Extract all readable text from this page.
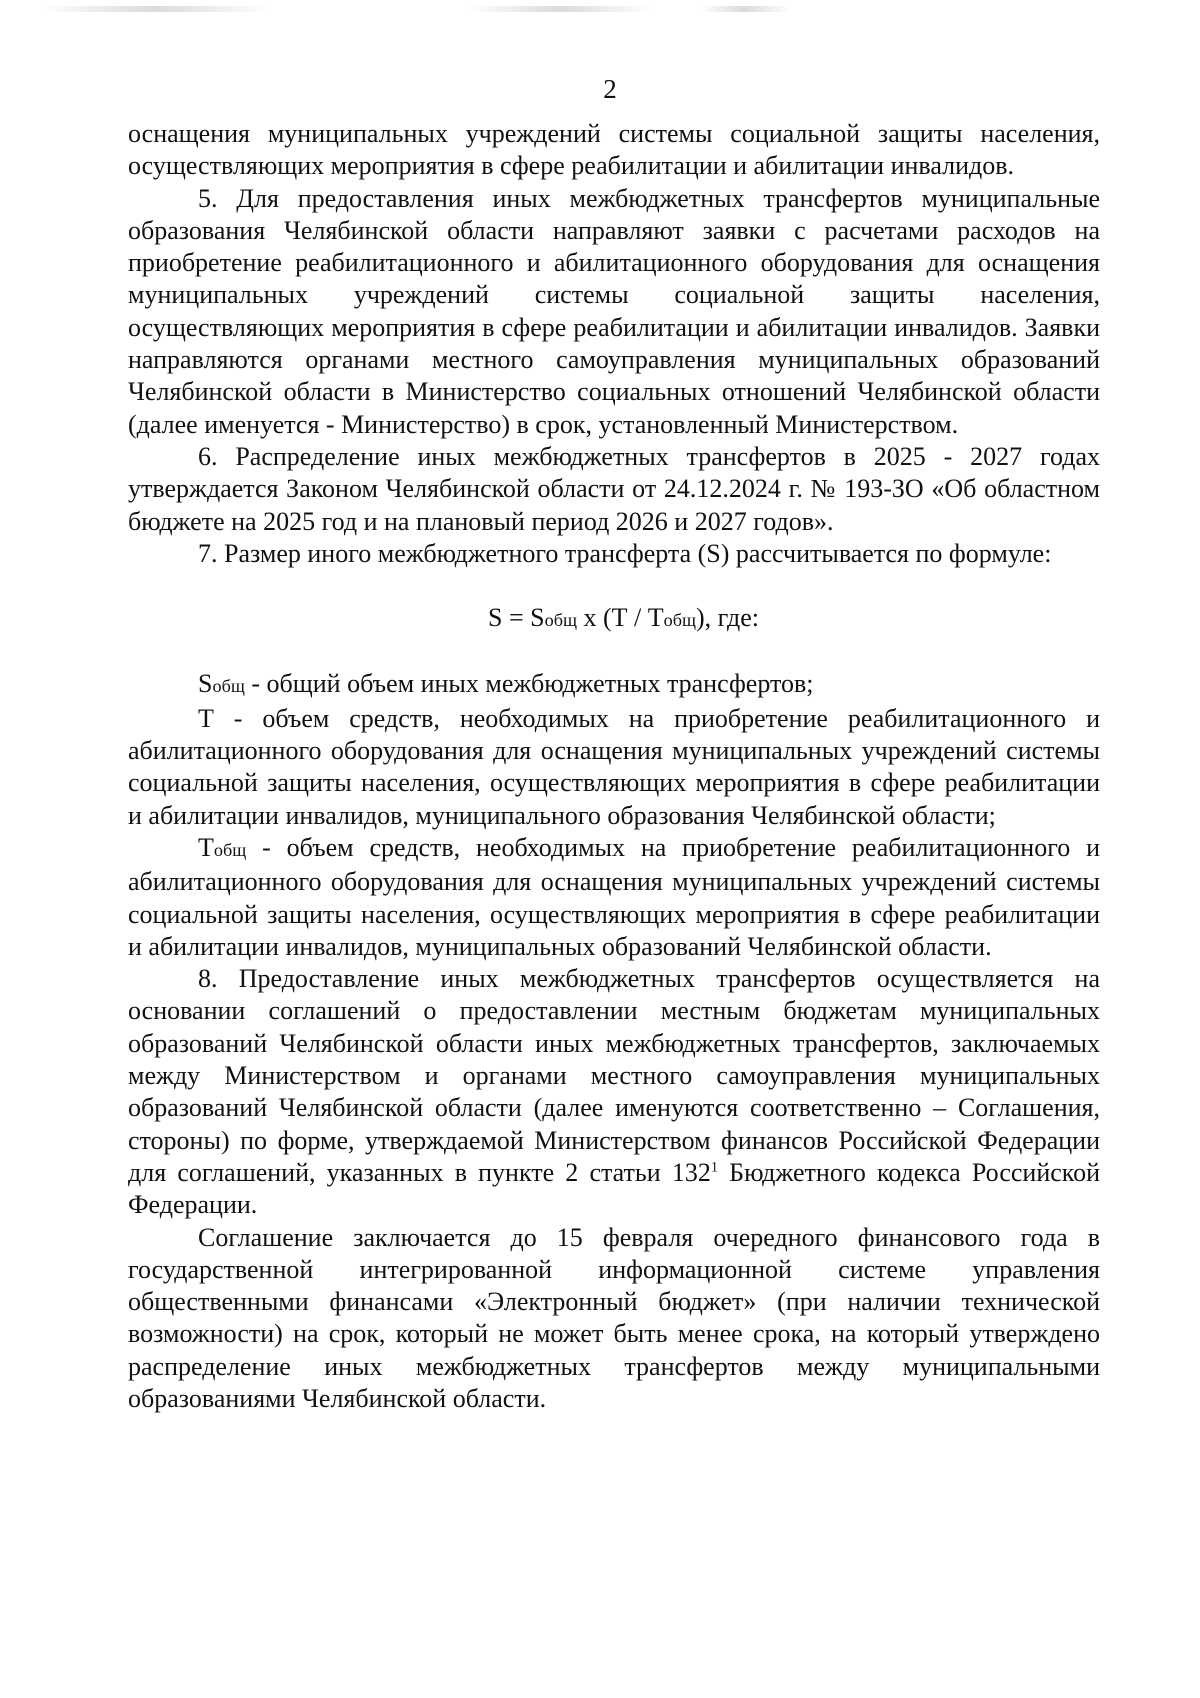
2

оснащения муниципальных учреждений системы социальной защиты населения, осуществляющих мероприятия в сфере реабилитации и абилитации инвалидов.

5. Для предоставления иных межбюджетных трансфертов муниципальные образования Челябинской области направляют заявки с расчетами расходов на приобретение реабилитационного и абилитационного оборудования для оснащения муниципальных учреждений системы социальной защиты населения, осуществляющих мероприятия в сфере реабилитации и абилитации инвалидов. Заявки направляются органами местного самоуправления муниципальных образований Челябинской области в Министерство социальных отношений Челябинской области (далее именуется - Министерство) в срок, установленный Министерством.

6. Распределение иных межбюджетных трансфертов в 2025 - 2027 годах утверждается Законом Челябинской области от 24.12.2024 г. № 193-ЗО «Об областном бюджете на 2025 год и на плановый период 2026 и 2027 годов».

7. Размер иного межбюджетного трансферта (S) рассчитывается по формуле:

S = Sобщ x (Т / Тобщ), где:

Sобщ - общий объем иных межбюджетных трансфертов;

Т - объем средств, необходимых на приобретение реабилитационного и абилитационного оборудования для оснащения муниципальных учреждений системы социальной защиты населения, осуществляющих мероприятия в сфере реабилитации и абилитации инвалидов, муниципального образования Челябинской области;

Тобщ - объем средств, необходимых на приобретение реабилитационного и абилитационного оборудования для оснащения муниципальных учреждений системы социальной защиты населения, осуществляющих мероприятия в сфере реабилитации и абилитации инвалидов, муниципальных образований Челябинской области.

8. Предоставление иных межбюджетных трансфертов осуществляется на основании соглашений о предоставлении местным бюджетам муниципальных образований Челябинской области иных межбюджетных трансфертов, заключаемых между Министерством и органами местного самоуправления муниципальных образований Челябинской области (далее именуются соответственно – Соглашения, стороны) по форме, утверждаемой Министерством финансов Российской Федерации для соглашений, указанных в пункте 2 статьи $132^1$ Бюджетного кодекса Российской Федерации.

Соглашение заключается до 15 февраля очередного финансового года в государственной интегрированной информационной системе управления общественными финансами «Электронный бюджет» (при наличии технической возможности) на срок, который не может быть менее срока, на который утверждено распределение иных межбюджетных трансфертов между муниципальными образованиями Челябинской области.
